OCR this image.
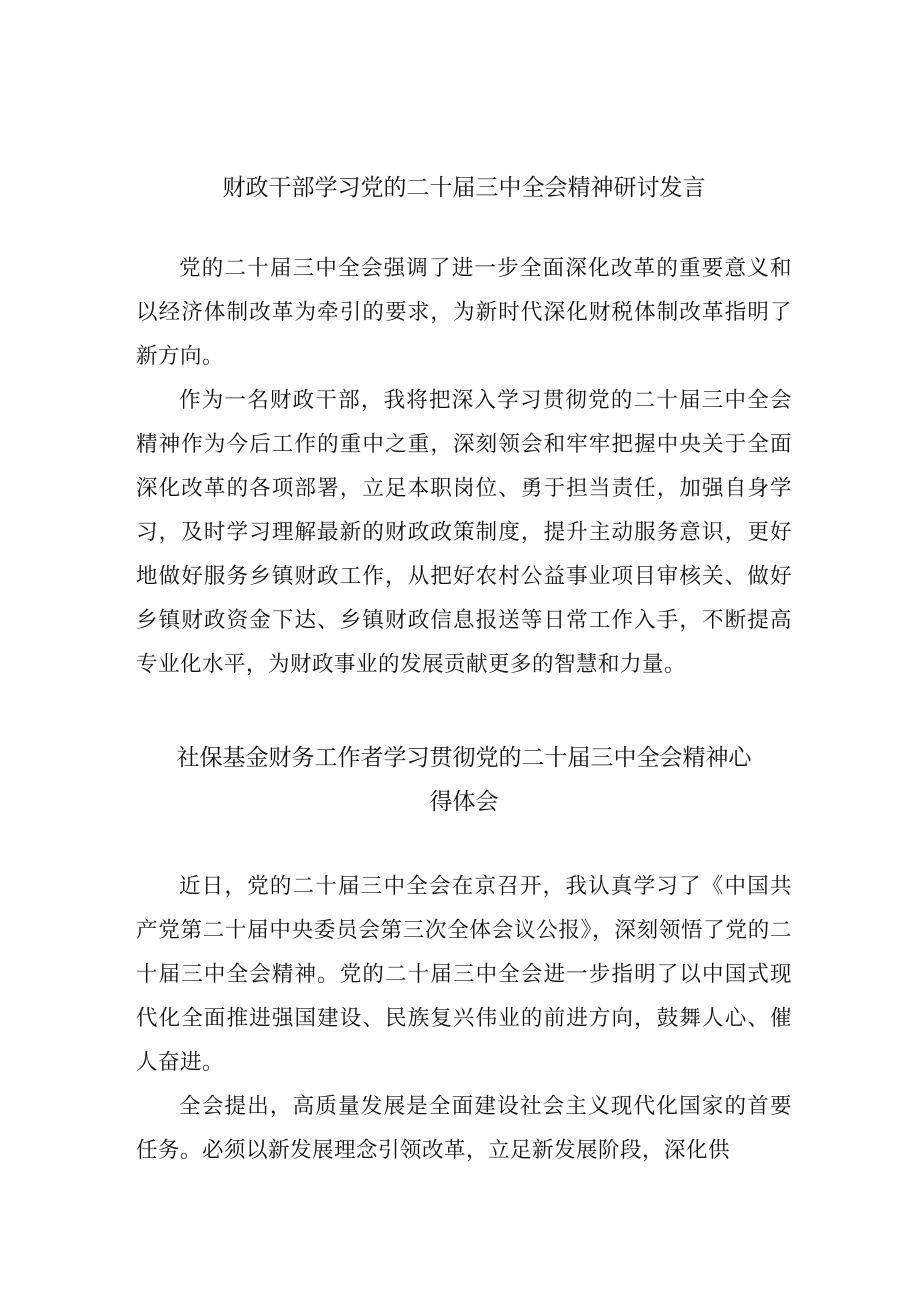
财政干部学习党的二十届三中全会精神研讨发言

党的二十届三中全会强调了进一步全面深化改革的重要意义和以经济体制改革为牵引的要求，为新时代深化财税体制改革指明了新方向。

作为一名财政干部，我将把深入学习贯彻党的二十届三中全会精神作为今后工作的重中之重，深刻领会和牢牢把握中央关于全面深化改革的各项部署，立足本职岗位、勇于担当责任，加强自身学习，及时学习理解最新的财政政策制度，提升主动服务意识，更好地做好服务乡镇财政工作，从把好农村公益事业项目审核关、做好乡镇财政资金下达、乡镇财政信息报送等日常工作入手，不断提高专业化水平，为财政事业的发展贡献更多的智慧和力量。

社保基金财务工作者学习贯彻党的二十届三中全会精神心得体会

近日，党的二十届三中全会在京召开，我认真学习了《中国共产党第二十届中央委员会第三次全体会议公报》，深刻领悟了党的二十届三中全会精神。党的二十届三中全会进一步指明了以中国式现代化全面推进强国建设、民族复兴伟业的前进方向，鼓舞人心、催人奋进。

全会提出，高质量发展是全面建设社会主义现代化国家的首要任务。必须以新发展理念引领改革，立足新发展阶段，深化供
